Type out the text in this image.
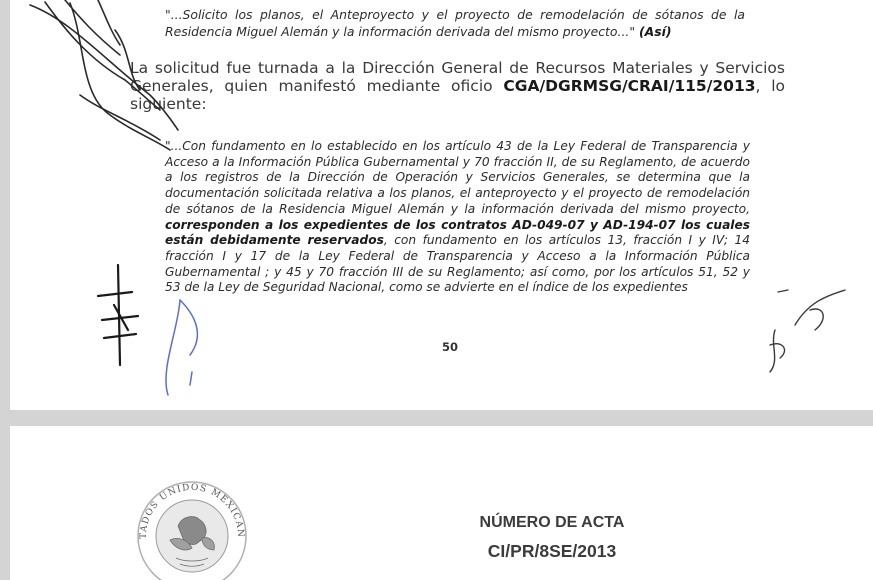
"...Solicito los planos, el Anteproyecto y el proyecto de remodelación de sótanos de la Residencia Miguel Alemán y la información derivada del mismo proyecto..." (Así)
La solicitud fue turnada a la Dirección General de Recursos Materiales y Servicios Generales, quien manifestó mediante oficio CGA/DGRMSG/CRAI/115/2013, lo siguiente:
"...Con fundamento en lo establecido en los artículo 43 de la Ley Federal de Transparencia y Acceso a la Información Pública Gubernamental y 70 fracción II, de su Reglamento, de acuerdo a los registros de la Dirección de Operación y Servicios Generales, se determina que la documentación solicitada relativa a los planos, el anteproyecto y el proyecto de remodelación de sótanos de la Residencia Miguel Alemán y la información derivada del mismo proyecto, corresponden a los expedientes de los contratos AD-049-07 y AD-194-07 los cuales están debidamente reservados, con fundamento en los artículos 13, fracción I y IV; 14 fracción I y 17 de la Ley Federal de Transparencia y Acceso a la Información Pública Gubernamental ; y 45 y 70 fracción III de su Reglamento; así como, por los artículos 51, 52 y 53 de la Ley de Seguridad Nacional, como se advierte en el índice de los expedientes
50
TADOS UNIDOS MEXICAN
NÚMERO DE ACTA
CI/PR/8SE/2013
